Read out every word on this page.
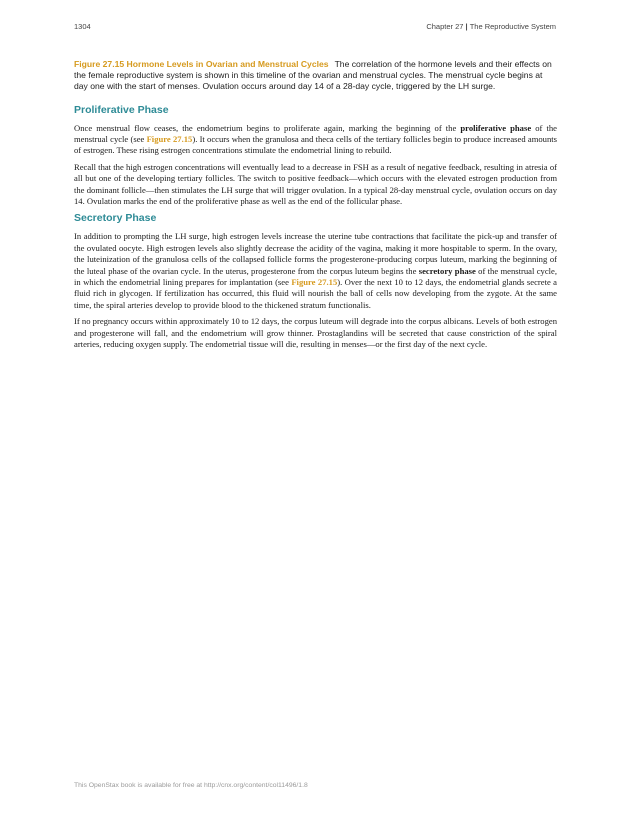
1304	Chapter 27 | The Reproductive System

Figure 27.15 Hormone Levels in Ovarian and Menstrual Cycles The correlation of the hormone levels and their effects on the female reproductive system is shown in this timeline of the ovarian and menstrual cycles. The menstrual cycle begins at day one with the start of menses. Ovulation occurs around day 14 of a 28-day cycle, triggered by the LH surge.

Proliferative Phase

Once menstrual flow ceases, the endometrium begins to proliferate again, marking the beginning of the proliferative phase of the menstrual cycle (see Figure 27.15). It occurs when the granulosa and theca cells of the tertiary follicles begin to produce increased amounts of estrogen. These rising estrogen concentrations stimulate the endometrial lining to rebuild.

Recall that the high estrogen concentrations will eventually lead to a decrease in FSH as a result of negative feedback, resulting in atresia of all but one of the developing tertiary follicles. The switch to positive feedback—which occurs with the elevated estrogen production from the dominant follicle—then stimulates the LH surge that will trigger ovulation. In a typical 28-day menstrual cycle, ovulation occurs on day 14. Ovulation marks the end of the proliferative phase as well as the end of the follicular phase.

Secretory Phase

In addition to prompting the LH surge, high estrogen levels increase the uterine tube contractions that facilitate the pick-up and transfer of the ovulated oocyte. High estrogen levels also slightly decrease the acidity of the vagina, making it more hospitable to sperm. In the ovary, the luteinization of the granulosa cells of the collapsed follicle forms the progesterone-producing corpus luteum, marking the beginning of the luteal phase of the ovarian cycle. In the uterus, progesterone from the corpus luteum begins the secretory phase of the menstrual cycle, in which the endometrial lining prepares for implantation (see Figure 27.15). Over the next 10 to 12 days, the endometrial glands secrete a fluid rich in glycogen. If fertilization has occurred, this fluid will nourish the ball of cells now developing from the zygote. At the same time, the spiral arteries develop to provide blood to the thickened stratum functionalis.

If no pregnancy occurs within approximately 10 to 12 days, the corpus luteum will degrade into the corpus albicans. Levels of both estrogen and progesterone will fall, and the endometrium will grow thinner. Prostaglandins will be secreted that cause constriction of the spiral arteries, reducing oxygen supply. The endometrial tissue will die, resulting in menses—or the first day of the next cycle.

This OpenStax book is available for free at http://cnx.org/content/col11496/1.8
